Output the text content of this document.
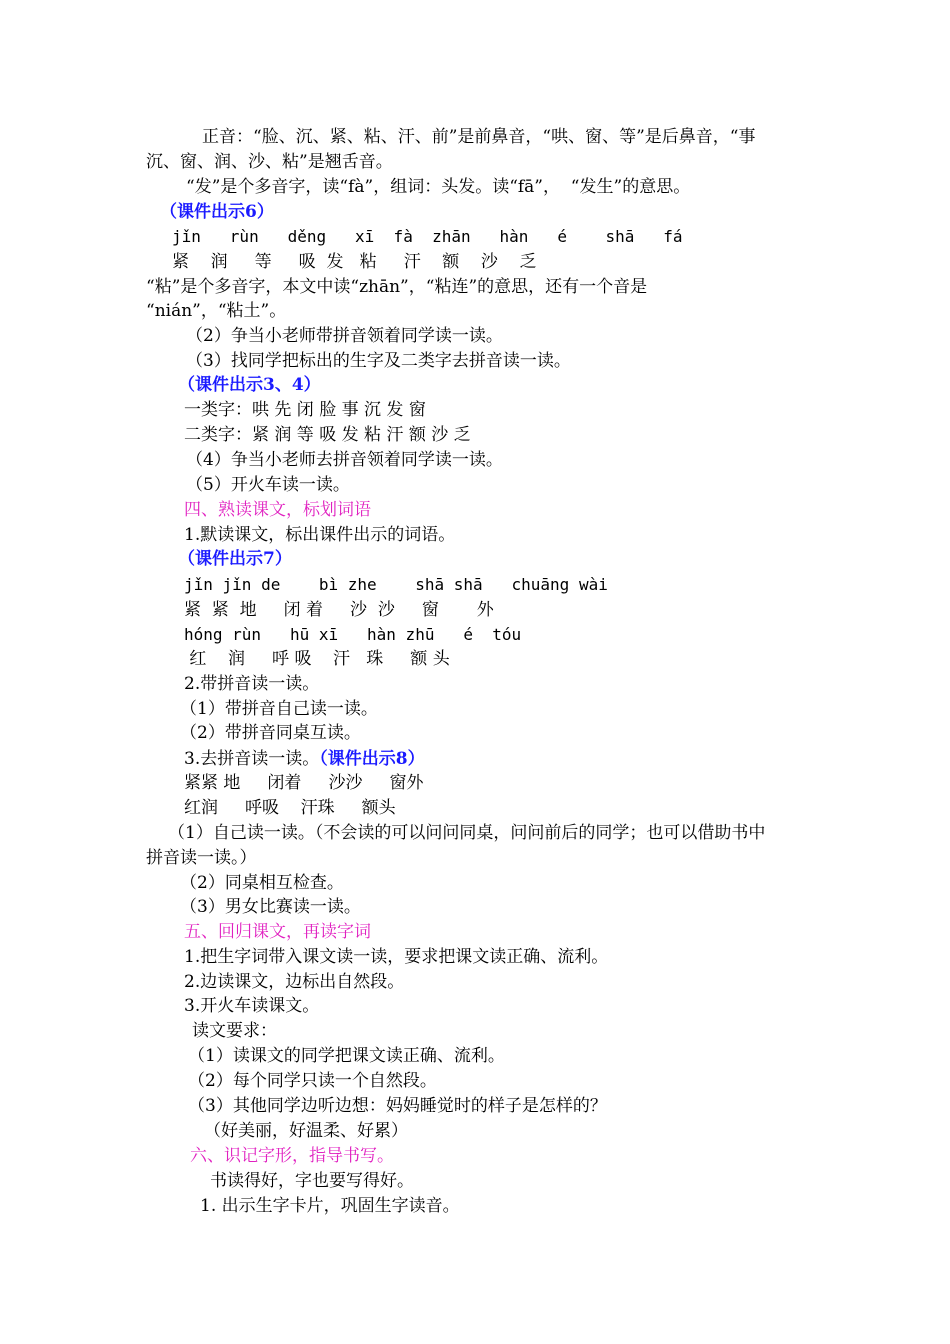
正音：“脸、沉、紧、粘、汗、前”是前鼻音，“哄、窗、等”是后鼻音，“事
沉、窗、润、沙、粘”是翘舌音。
“发”是个多音字，读“fà”，组词：头发。读“fā”，  “发生”的意思。
（课件出示6）
jǐn   rùn   děng   xī  fà  zhān   hàn   é    shā   fá
紧    润     等     吸  发   粘     汗    额    沙    乏
“粘”是个多音字，本文中读“zhān”，“粘连”的意思，还有一个音是
“nián”，“粘土”。
（2）争当小老师带拼音领着同学读一读。
（3）找同学把标出的生字及二类字去拼音读一读。
（课件出示3、4）
一类字：哄 先 闭 脸 事 沉 发 窗
二类字：紧 润 等 吸 发 粘 汗 额 沙 乏
（4）争当小老师去拼音领着同学读一读。
（5）开火车读一读。
四、熟读课文，标划词语
1.默读课文，标出课件出示的词语。
（课件出示7）
jǐn jǐn de    bì zhe    shā shā   chuāng wài
紧  紧  地     闭 着     沙  沙     窗       外
hóng rùn   hū xī   hàn zhū   é  tóu
红    润     呼 吸    汗   珠     额 头
2.带拼音读一读。
（1）带拼音自己读一读。
（2）带拼音同桌互读。
3.去拼音读一读。（课件出示8）
紧紧 地     闭着     沙沙     窗外
红润     呼吸    汗珠     额头
（1）自己读一读。（不会读的可以问问同桌，问问前后的同学；也可以借助书中
拼音读一读。）
（2）同桌相互检查。
（3）男女比赛读一读。
五、回归课文，再读字词
1.把生字词带入课文读一读，要求把课文读正确、流利。
2.边读课文，边标出自然段。
3.开火车读课文。
读文要求：
（1）读课文的同学把课文读正确、流利。
（2）每个同学只读一个自然段。
（3）其他同学边听边想：妈妈睡觉时的样子是怎样的？
（好美丽，好温柔、好累）
六、识记字形，指导书写。
书读得好，字也要写得好。
1. 出示生字卡片，巩固生字读音。
